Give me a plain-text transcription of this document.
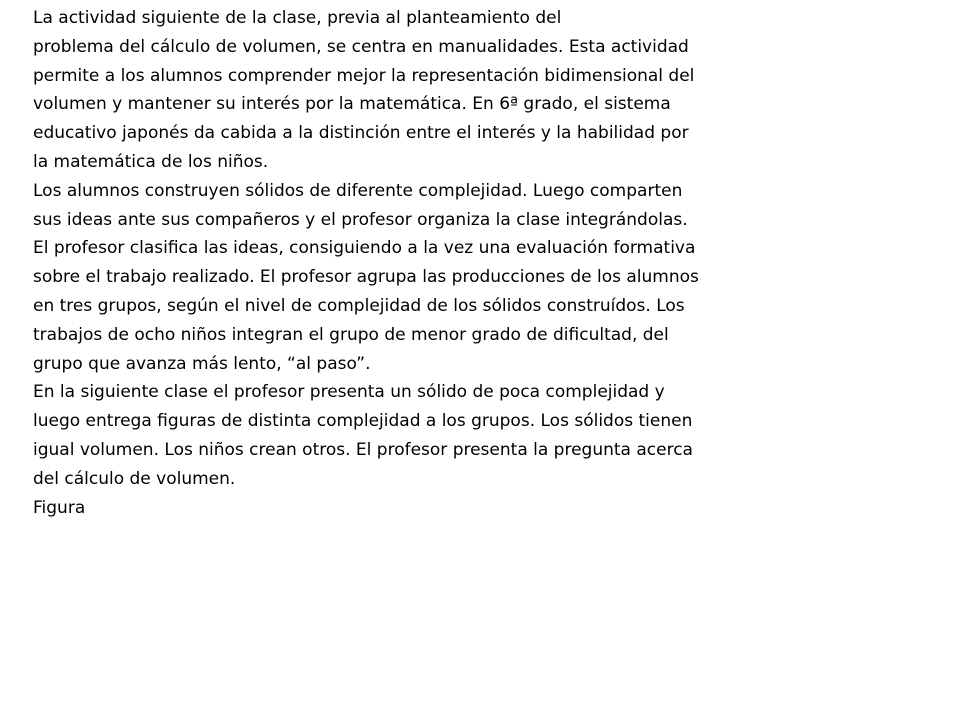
La actividad siguiente de la clase, previa al planteamiento del
problema del cálculo de volumen, se centra en manualidades. Esta actividad
permite a los alumnos comprender mejor la representación bidimensional del
volumen y mantener su interés por la matemática. En 6ª grado, el sistema
educativo japonés da cabida a la distinción entre el interés y la habilidad por
la matemática de los niños.
Los alumnos construyen sólidos de diferente complejidad. Luego comparten
sus ideas ante sus compañeros y el profesor organiza la clase integrándolas.
El profesor clasifica las ideas, consiguiendo a la vez una evaluación formativa
sobre el trabajo realizado. El profesor agrupa las producciones de los alumnos
en tres grupos, según el nivel de complejidad de los sólidos construídos. Los
trabajos de ocho niños integran el grupo de menor grado de dificultad, del
grupo que avanza más lento, “al paso”.
En la siguiente clase el profesor presenta un sólido de poca complejidad y
luego entrega figuras de distinta complejidad a los grupos. Los sólidos tienen
igual volumen. Los niños crean otros. El profesor presenta la pregunta acerca
del cálculo de volumen.
Figura
